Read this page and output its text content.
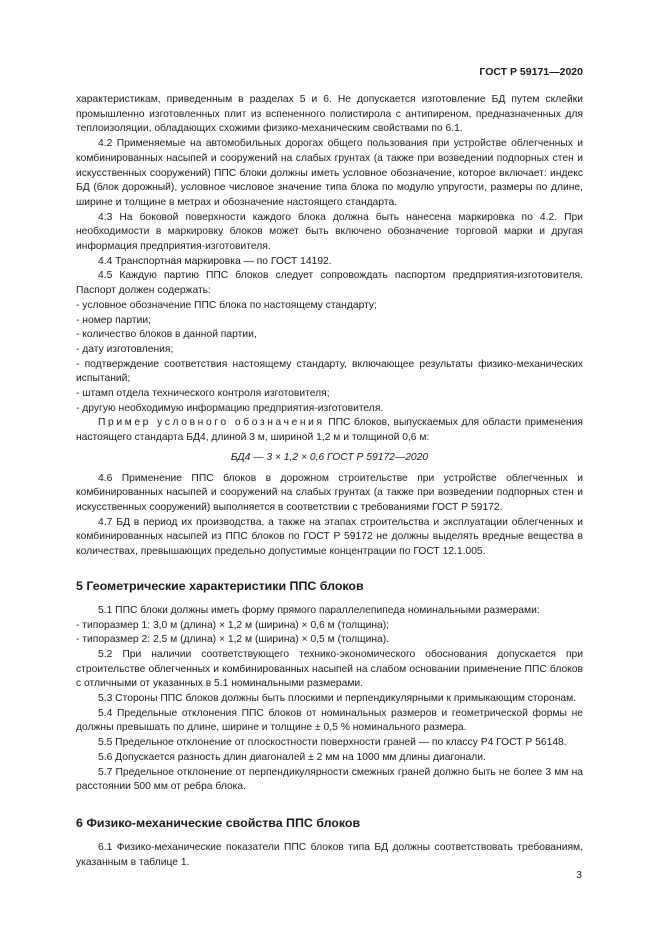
ГОСТ Р 59171—2020

характеристикам, приведенным в разделах 5 и 6. Не допускается изготовление БД путем склейки промышленно изготовленных плит из вспененного полистирола с антипиреном, предназначенных для теплоизоляции, обладающих схожими физико-механическим свойствами по 6.1.

4.2 Применяемые на автомобильных дорогах общего пользования при устройстве облегченных и комбинированных насыпей и сооружений на слабых грунтах (а также при возведении подпорных стен и искусственных сооружений) ППС блоки должны иметь условное обозначение, которое включает: индекс БД (блок дорожный), условное числовое значение типа блока по модулю упругости, размеры по длине, ширине и толщине в метрах и обозначение настоящего стандарта.

4.3 На боковой поверхности каждого блока должна быть нанесена маркировка по 4.2. При необходимости в маркировку блоков может быть включено обозначение торговой марки и другая информация предприятия-изготовителя.

4.4 Транспортная маркировка — по ГОСТ 14192.

4.5 Каждую партию ППС блоков следует сопровождать паспортом предприятия-изготовителя. Паспорт должен содержать:

- условное обозначение ППС блока по настоящему стандарту;

- номер партии;

- количество блоков в данной партии,

- дату изготовления;

- подтверждение соответствия настоящему стандарту, включающее результаты физико-механических испытаний;

- штамп отдела технического контроля изготовителя;

- другую необходимую информацию предприятия-изготовителя.

Пример условного обозначения ППС блоков, выпускаемых для области применения настоящего стандарта БД4, длиной 3 м, шириной 1,2 м и толщиной 0,6 м:

БД4 — 3 × 1,2 × 0,6 ГОСТ Р 59172—2020

4.6 Применение ППС блоков в дорожном строительстве при устройстве облегченных и комбинированных насыпей и сооружений на слабых грунтах (а также при возведении подпорных стен и искусственных сооружений) выполняется в соответствии с требованиями ГОСТ Р 59172.

4.7 БД в период их производства, а также на этапах строительства и эксплуатации облегченных и комбинированных насыпей из ППС блоков по ГОСТ Р 59172 не должны выделять вредные вещества в количествах, превышающих предельно допустимые концентрации по ГОСТ 12.1.005.

5 Геометрические характеристики ППС блоков

5.1 ППС блоки должны иметь форму прямого параллелепипеда номинальными размерами:

- типоразмер 1: 3,0 м (длина) × 1,2 м (ширина) × 0,6 м (толщина);

- типоразмер 2: 2,5 м (длина) × 1,2 м (ширина) × 0,5 м (толщина).

5.2 При наличии соответствующего технико-экономического обоснования допускается при строительстве облегченных и комбинированных насыпей на слабом основании применение ППС блоков с отличными от указанных в 5.1 номинальными размерами.

5.3 Стороны ППС блоков должны быть плоскими и перпендикулярными к примыкающим сторонам.

5.4 Предельные отклонения ППС блоков от номинальных размеров и геометрической формы не должны превышать по длине, ширине и толщине ± 0,5 % номинального размера.

5.5 Предельное отклонение от плоскостности поверхности граней — по классу Р4 ГОСТ Р 56148.

5.6 Допускается разность длин диагоналей ± 2 мм на 1000 мм длины диагонали.

5.7 Предельное отклонение от перпендикулярности смежных граней должно быть не более 3 мм на расстоянии 500 мм от ребра блока.

6 Физико-механические свойства ППС блоков

6.1 Физико-механические показатели ППС блоков типа БД должны соответствовать требованиям, указанным в таблице 1.

3
